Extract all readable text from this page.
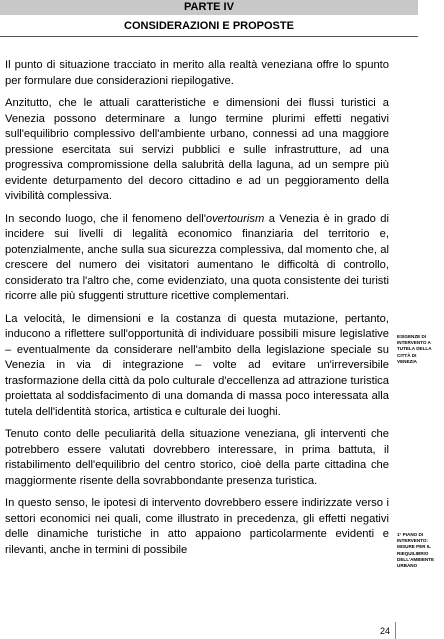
PARTE IV
CONSIDERAZIONI E PROPOSTE

Il punto di situazione tracciato in merito alla realtà veneziana offre lo spunto per formulare due considerazioni riepilogative.

Anzitutto, che le attuali caratteristiche e dimensioni dei flussi turistici a Venezia possono determinare a lungo termine plurimi effetti negativi sull'equilibrio complessivo dell'ambiente urbano, connessi ad una maggiore pressione esercitata sui servizi pubblici e sulle infrastrutture, ad una progressiva compromissione della salubrità della laguna, ad un sempre più evidente deturpamento del decoro cittadino e ad un peggioramento della vivibilità complessiva.

In secondo luogo, che il fenomeno dell'overtourism a Venezia è in grado di incidere sui livelli di legalità economico finanziaria del territorio e, potenzialmente, anche sulla sua sicurezza complessiva, dal momento che, al crescere del numero dei visitatori aumentano le difficoltà di controllo, considerato tra l'altro che, come evidenziato, una quota consistente dei turisti ricorre alle più sfuggenti strutture ricettive complementari.

La velocità, le dimensioni e la costanza di questa mutazione, pertanto, inducono a riflettere sull'opportunità di individuare possibili misure legislative – eventualmente da considerare nell'ambito della legislazione speciale su Venezia in via di integrazione – volte ad evitare un'irreversibile trasformazione della città da polo culturale d'eccellenza ad attrazione turistica proiettata al soddisfacimento di una domanda di massa poco interessata alla tutela dell'identità storica, artistica e culturale dei luoghi.

Tenuto conto delle peculiarità della situazione veneziana, gli interventi che potrebbero essere valutati dovrebbero interessare, in prima battuta, il ristabilimento dell'equilibrio del centro storico, cioè della parte cittadina che maggiormente risente della sovrabbondante presenza turistica.

In questo senso, le ipotesi di intervento dovrebbero essere indirizzate verso i settori economici nei quali, come illustrato in precedenza, gli effetti negativi delle dinamiche turistiche in atto appaiono particolarmente evidenti e rilevanti, anche in termini di possibile

ESIGENZE DI
INTERVENTO A
TUTELA DELLA
CITTÀ DI
VENEZIA
1° PIANO DI
INTERVENTO:
MISURE PER IL
RIEQUILIBRIO
DELL'AMBIENTE
URBANO
24
